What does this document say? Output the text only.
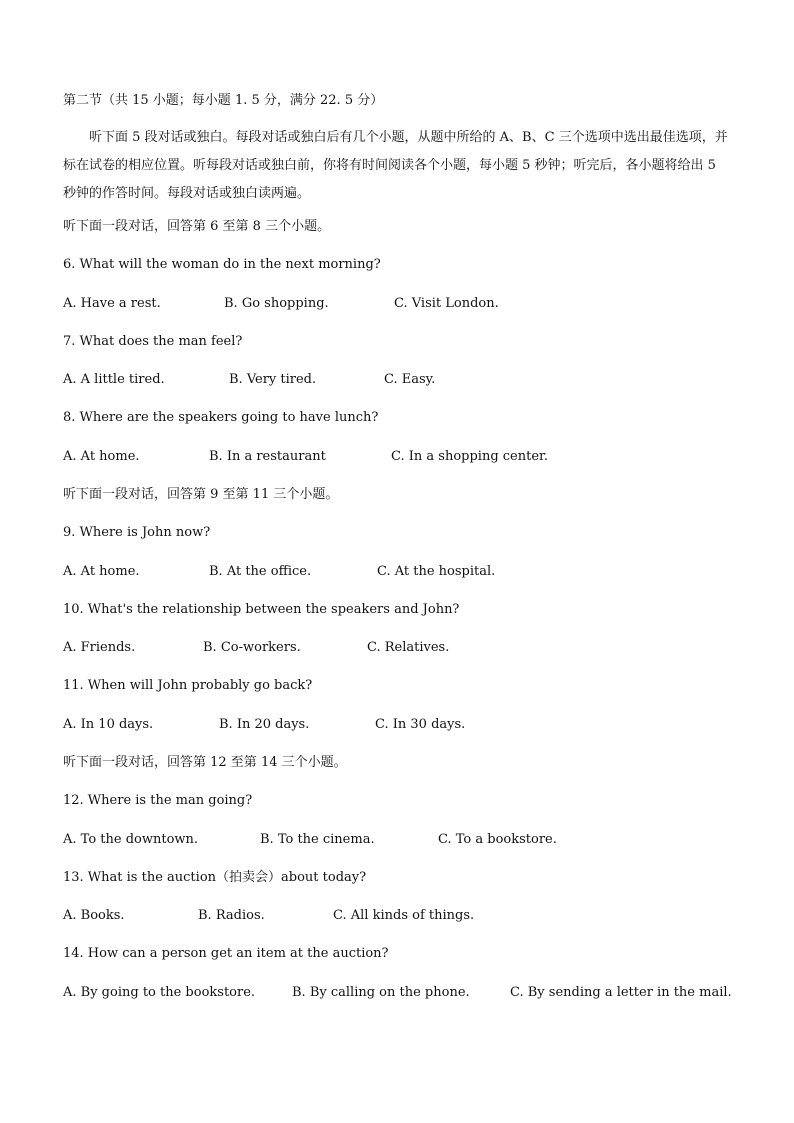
第二节（共 15 小题；每小题 1. 5 分，满分 22. 5 分）
听下面 5 段对话或独白。每段对话或独白后有几个小题，从题中所给的 A、B、C 三个选项中选出最佳选项，并标在试卷的相应位置。听每段对话或独白前，你将有时间阅读各个小题，每小题 5 秒钟；听完后，各小题将给出 5 秒钟的作答时间。每段对话或独白读两遍。
听下面一段对话，回答第 6 至第 8 三个小题。
6. What will the woman do in the next morning?
A. Have a rest.	B. Go shopping.	C. Visit London.
7. What does the man feel?
A. A little tired.	B. Very tired.	C. Easy.
8. Where are the speakers going to have lunch?
A. At home.	B. In a restaurant	C. In a shopping center.
听下面一段对话，回答第 9 至第 11 三个小题。
9. Where is John now?
A. At home.	B. At the office.	C. At the hospital.
10. What's the relationship between the speakers and John?
A. Friends.	B. Co-workers.	C. Relatives.
11. When will John probably go back?
A. In 10 days.	B. In 20 days.	C. In 30 days.
听下面一段对话，回答第 12 至第 14 三个小题。
12. Where is the man going?
A. To the downtown.	B. To the cinema.	C. To a bookstore.
13. What is the auction（拍卖会）about today?
A. Books.	B. Radios.	C. All kinds of things.
14. How can a person get an item at the auction?
A. By going to the bookstore.	B. By calling on the phone.	C. By sending a letter in the mail.
